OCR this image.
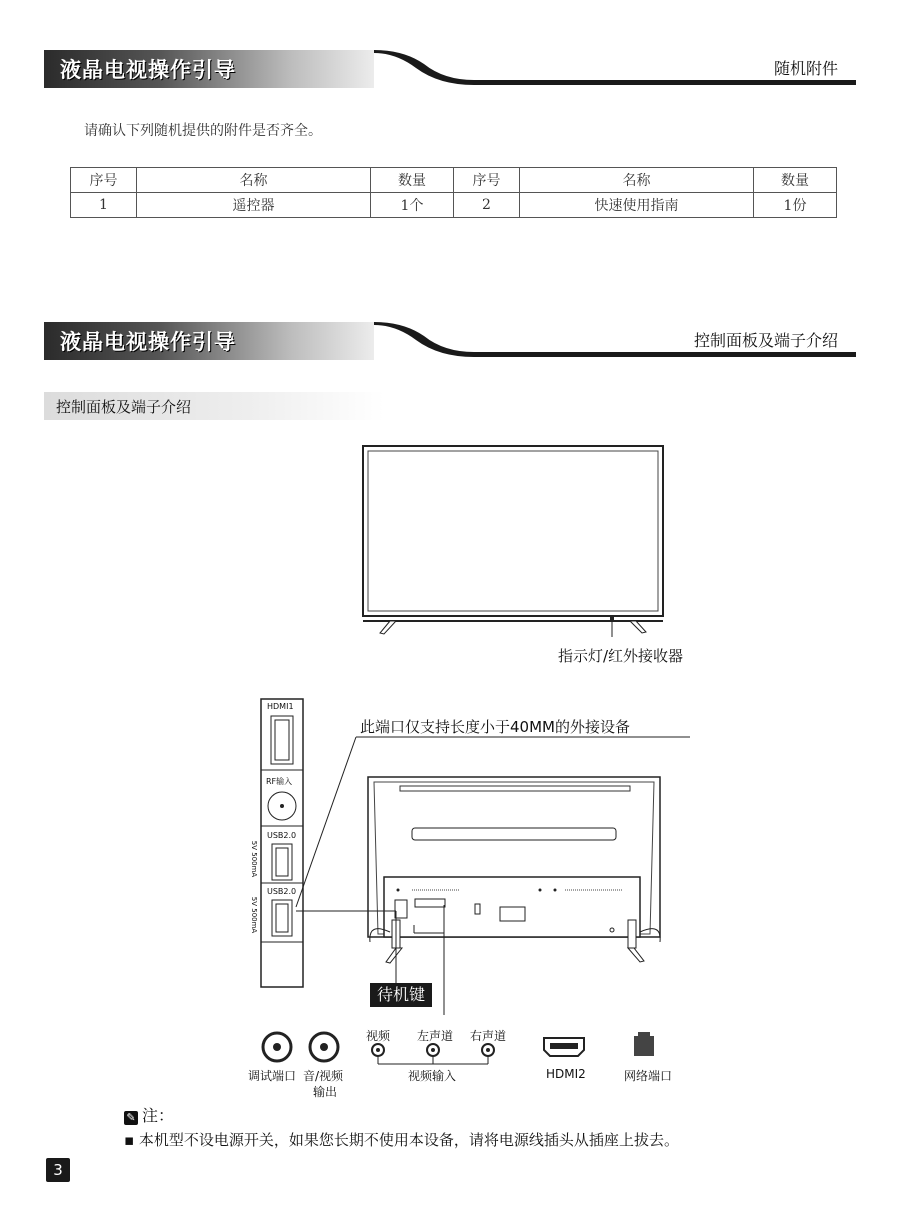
液晶电视操作引导	随机附件
请确认下列随机提供的附件是否齐全。
序号	名称	数量	序号	名称	数量
1	遥控器	1个	2	快速使用指南	1份
液晶电视操作引导	控制面板及端子介绍
控制面板及端子介绍
指示灯/红外接收器
HDMI1
RF输入
USB2.0
USB2.0
5V 500mA
5V 500mA
此端口仅支持长度小于40MM的外接设备
待机键
视频 左声道 右声道
调试端口 音/视频
输出
视频输入	HDMI2	网络端口
✎ 注：
▪ 本机型不设电源开关，如果您长期不使用本设备，请将电源线插头从插座上拔去。
3
